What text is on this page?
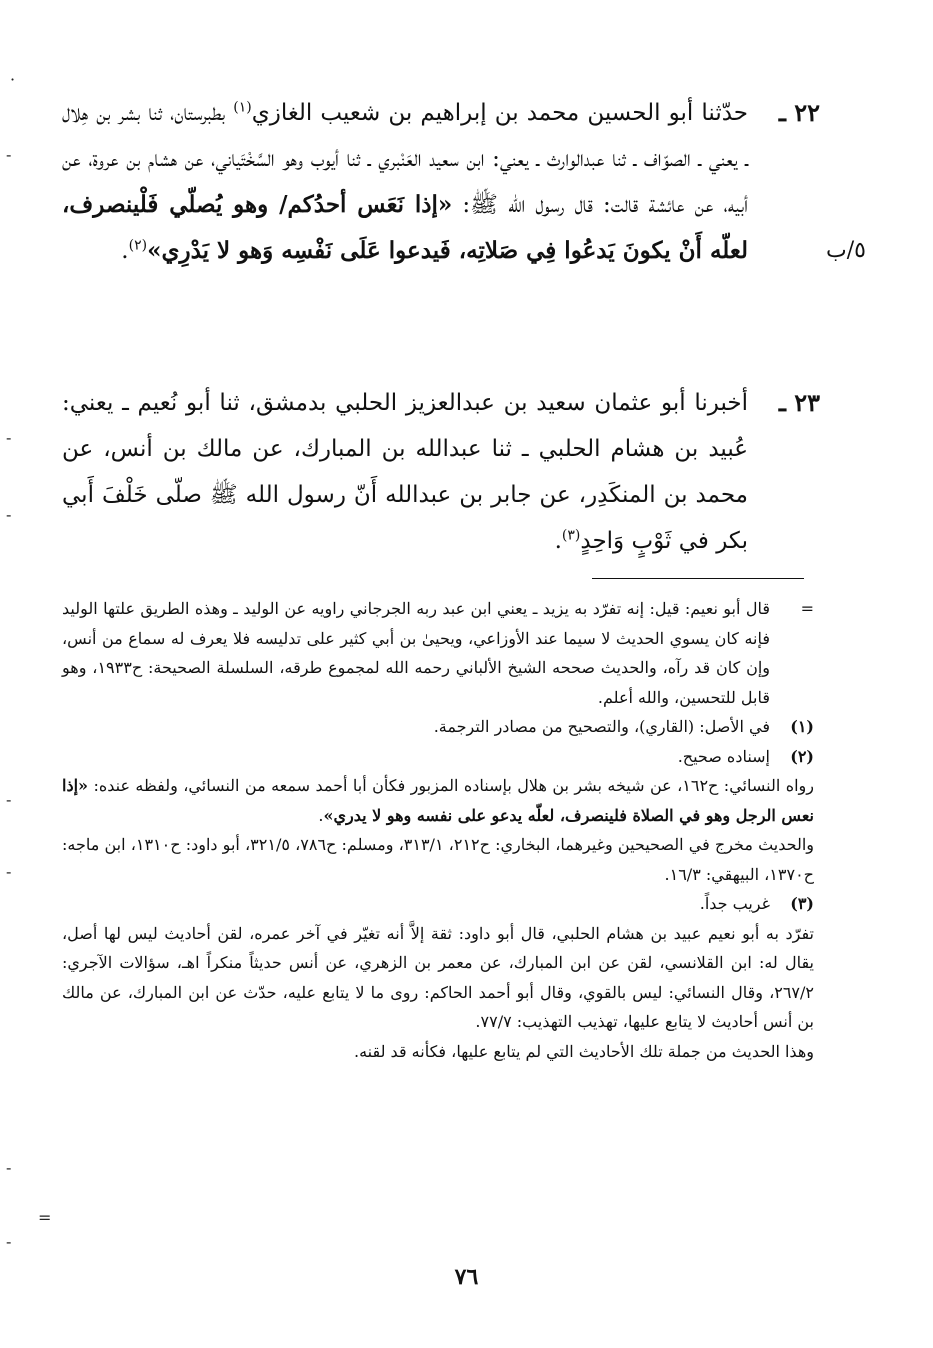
٢٢ ـ
حدّثنا أبو الحسين محمد بن إبراهيم بن شعيب الغازي$^{(١)}$ بطبرستان، ثنا بشر بن هِلال ـ يعني ـ الصوّاف ـ ثنا عبدالوارث ـ يعني: ابن سعيد العَنْبري ـ ثنا أيوب وهو السَّخْتَياني، عن هشام بن عروة، عن أبيه، عن عائشة قالت: قال رسول الله ﷺ: «إذا نَعَس أحدُكم/ وهو يُصلّي فَلْينصرف، لعلّه أَنْ يكونَ يَدعُوا فِي صَلاتِه، فَيدعوا عَلَى نَفْسِه وَهو لا يَدْرِي»$^{(٢)}$.	٥/ب
٢٣ ـ
أخبرنا أبو عثمان سعيد بن عبدالعزيز الحلبي بدمشق، ثنا أبو نُعيم ـ يعني: عُبيد بن هشام الحلبي ـ ثنا عبدالله بن المبارك، عن مالك بن أنس، عن محمد بن المنكَدِر، عن جابر بن عبدالله أَنّ رسول الله ﷺ صلّى خَلْفَ أَبي بكر في ثَوْبٍ وَاحِدٍ$^{(٣)}$.
=
قال أبو نعيم: قيل: إنه تفرّد به يزيد ـ يعني ابن عبد ربه الجرجاني راويه عن الوليد ـ وهذه الطريق علتها الوليد فإنه كان يسوي الحديث لا سيما عند الأوزاعي، ويحيىٰ بن أبي كثير على تدليسه فلا يعرف له سماع من أنس، وإن كان قد رآه، والحديث صححه الشيخ الألباني رحمه الله لمجموع طرقه، السلسلة الصحيحة: ح١٩٣٣، وهو قابل للتحسين، والله أعلم.
(١)
في الأصل: (القاري)، والتصحيح من مصادر الترجمة.
(٢)
إسناده صحيح.
رواه النسائي: ح١٦٢، عن شيخه بشر بن هلال بإسناده المزبور فكأن أبا أحمد سمعه من النسائي، ولفظه عنده: «إذا نعس الرجل وهو في الصلاة فلينصرف، لعلّه يدعو على نفسه وهو لا يدري».
والحديث مخرج في الصحيحين وغيرهما، البخاري: ح٢١٢، ٣١٣/١، ومسلم: ح٧٨٦، ٣٢١/٥، أبو داود: ح١٣١٠، ابن ماجه: ح١٣٧٠، البيهقي: ١٦/٣.
(٣)
غريب جداً.
تفرّد به أبو نعيم عبيد بن هشام الحلبي، قال أبو داود: ثقة إلاَّ أنه تغيّر في آخر عمره، لقن أحاديث ليس لها أصل، يقال له: ابن القلانسي، لقن عن ابن المبارك، عن معمر بن الزهري، عن أنس حديثاً منكراً اهـ، سؤالات الآجري: ٢٦٧/٢، وقال النسائي: ليس بالقوي، وقال أبو أحمد الحاكم: روى ما لا يتابع عليه، حدّث عن ابن المبارك، عن مالك بن أنس أحاديث لا يتابع عليها، تهذيب التهذيب: ٧٧/٧.
وهذا الحديث من جملة تلك الأحاديث التي لم يتابع عليها، فكأنه قد لقنه.
=
٧٦
·
-
-
-
-
-
-
-
